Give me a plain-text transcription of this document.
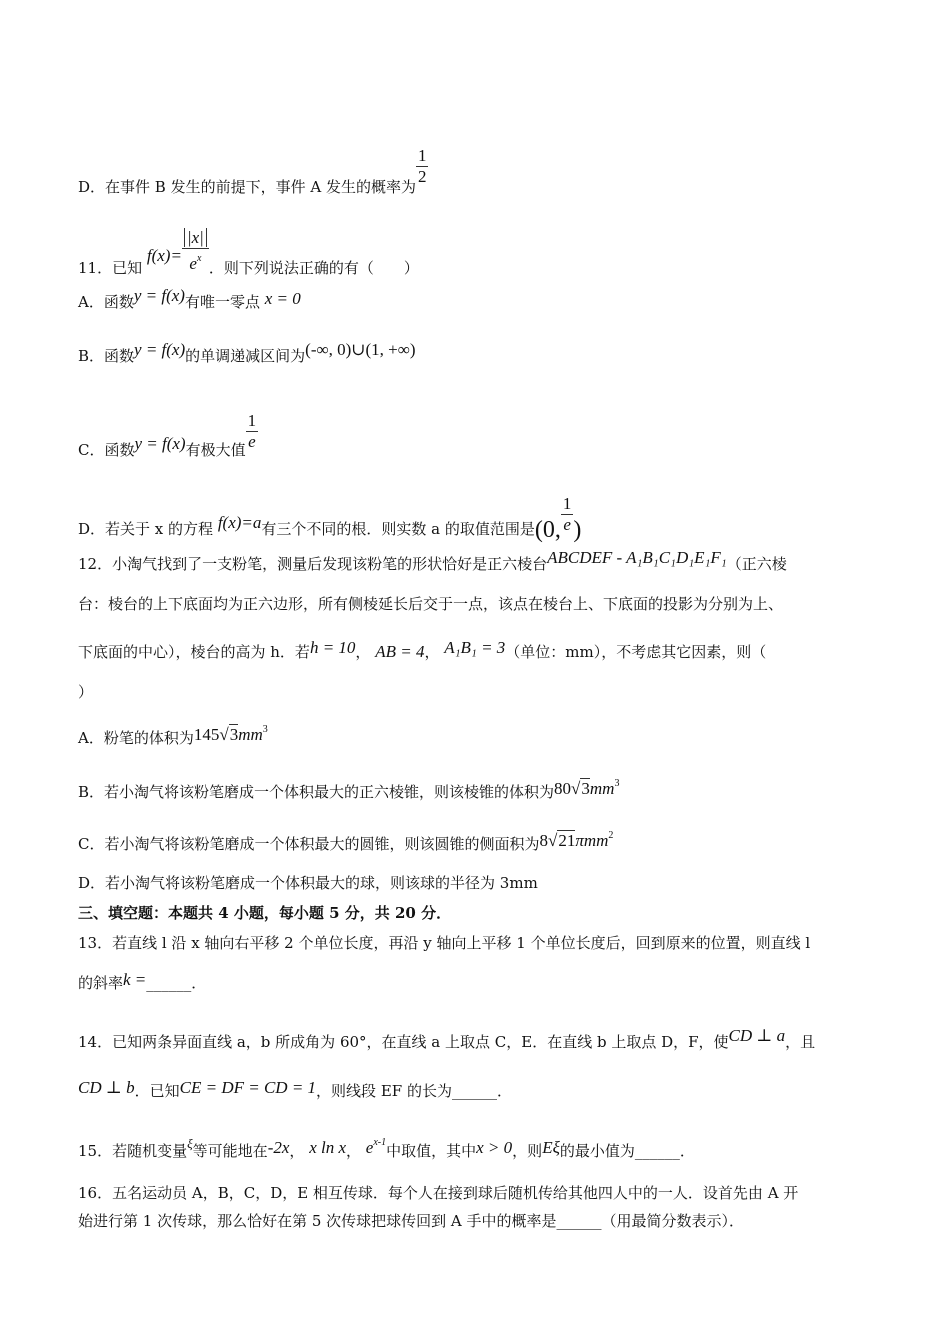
D．在事件 B 发生的前提下，事件 A 发生的概率为 $\frac{1}{2}$
11．已知 $f(x)= \frac{|x|}{e^x}$ ．则下列说法正确的有（　　）
A．函数y = f(x)有唯一零点 x = 0
B．函数y = f(x)的单调递减区间为(-∞, 0)∪(1, +∞)
C．函数y = f(x)有极大值 $\frac{1}{e}$
D．若关于 x 的方程 f(x)=a有三个不同的根．则实数 a 的取值范围是(0, $\frac{1}{e}$ )
12．小淘气找到了一支粉笔，测量后发现该粉笔的形状恰好是正六棱台ABCDEF - A₁B₁C₁D₁E₁F₁（正六棱
台：棱台的上下底面均为正六边形，所有侧棱延长后交于一点，该点在棱台上、下底面的投影为分别为上、
下底面的中心），棱台的高为 h．若h = 10， AB = 4， A₁B₁ = 3（单位：mm），不考虑其它因素，则（
）
A．粉笔的体积为$145√3mm^3$
B．若小淘气将该粉笔磨成一个体积最大的正六棱锥，则该棱锥的体积为$80√3mm^3$
C．若小淘气将该粉笔磨成一个体积最大的圆锥，则该圆锥的侧面积为8√21πmm$^2$
D．若小淘气将该粉笔磨成一个体积最大的球，则该球的半径为 3mm
三、填空题：本题共 4 小题，每小题 5 分，共 20 分．
13．若直线 l 沿 x 轴向右平移 2 个单位长度，再沿 y 轴向上平移 1 个单位长度后，回到原来的位置，则直线 l
的斜率k =______．
14．已知两条异面直线 a，b 所成角为 60°，在直线 a 上取点 C，E．在直线 b 上取点 D，F，使CD ⊥ a，且
CD ⊥ b．已知CE = DF = CD = 1，则线段 EF 的长为______．
15．若随机变量ξ等可能地在-2x， x ln x， $e^{x-1}$中取值，其中x > 0，则Eξ的最小值为______．
16．五名运动员 A，B，C，D，E 相互传球．每个人在接到球后随机传给其他四人中的一人．设首先由 A 开
始进行第 1 次传球，那么恰好在第 5 次传球把球传回到 A 手中的概率是______（用最简分数表示）．
